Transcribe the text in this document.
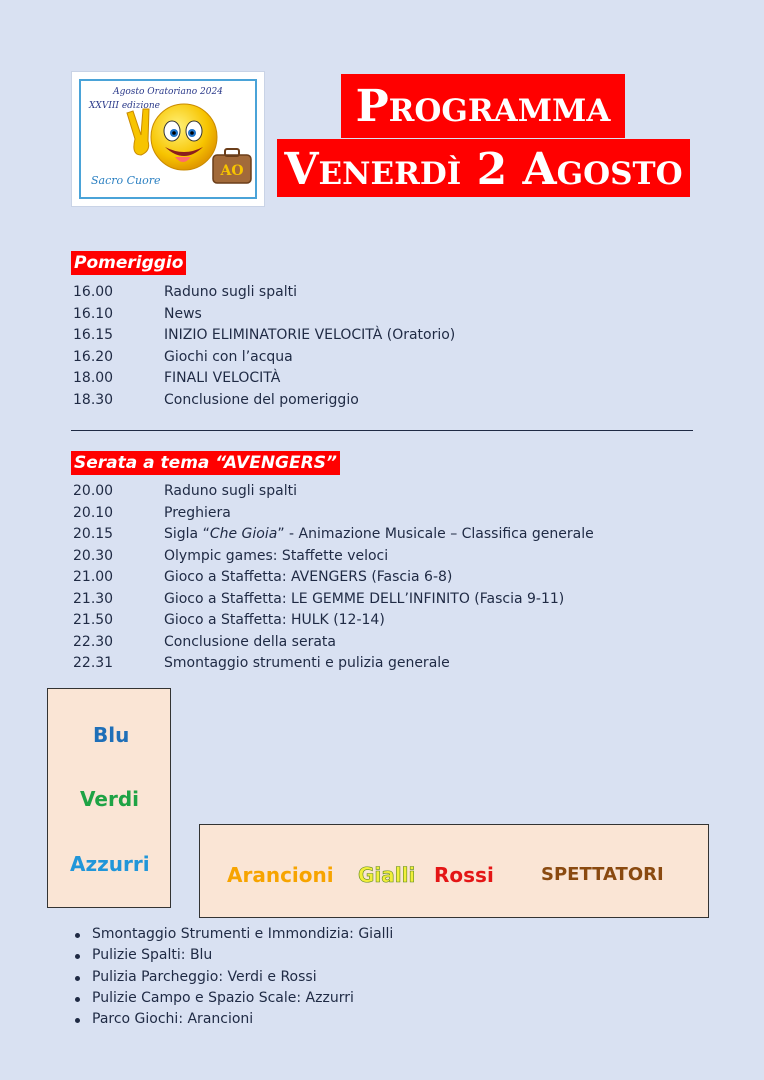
Agosto Oratoriano 2024
XXVIII edizione
AO
Sacro Cuore
Programma
Venerdì 2 Agosto
Pomeriggio
16.00	Raduno sugli spalti
16.10	News
16.15	INIZIO ELIMINATORIE VELOCITÀ (Oratorio)
16.20	Giochi con l’acqua
18.00	FINALI VELOCITÀ
18.30	Conclusione del pomeriggio
Serata a tema “AVENGERS”
20.00	Raduno sugli spalti
20.10	Preghiera
20.15	Sigla “Che Gioia” - Animazione Musicale – Classifica generale
20.30	Olympic games: Staffette veloci
21.00	Gioco a Staffetta: AVENGERS (Fascia 6-8)
21.30	Gioco a Staffetta: LE GEMME DELL’INFINITO (Fascia 9-11)
21.50	Gioco a Staffetta: HULK (12-14)
22.30	Conclusione della serata
22.31	Smontaggio strumenti e pulizia generale
Blu
Verdi
Azzurri	Arancioni Gialli Rossi	SPETTATORI
Smontaggio Strumenti e Immondizia: Gialli
Pulizie Spalti: Blu
Pulizia Parcheggio: Verdi e Rossi
Pulizie Campo e Spazio Scale: Azzurri
Parco Giochi: Arancioni
